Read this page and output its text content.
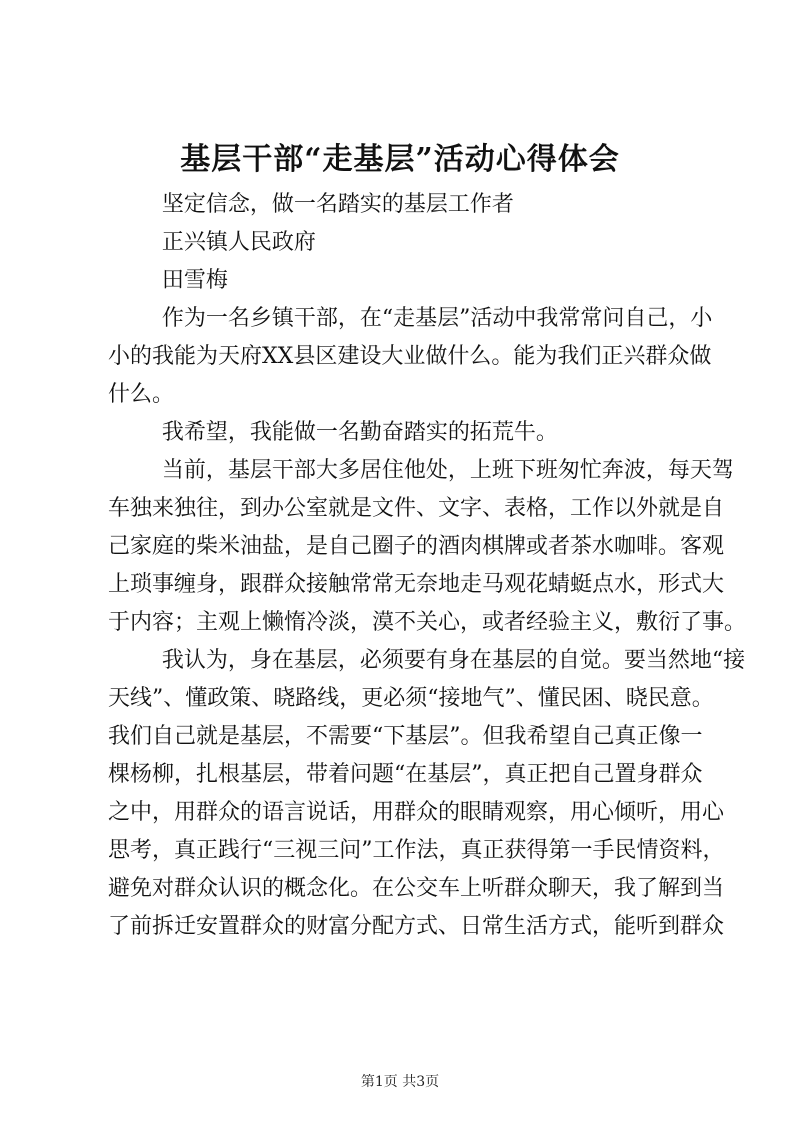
基层干部“走基层”活动心得体会

坚定信念，做一名踏实的基层工作者

正兴镇人民政府

田雪梅

作为一名乡镇干部，在“走基层”活动中我常常问自己，小
小的我能为天府XX县区建设大业做什么。能为我们正兴群众做
什么。
我希望，我能做一名勤奋踏实的拓荒牛。
当前，基层干部大多居住他处，上班下班匆忙奔波，每天驾
车独来独往，到办公室就是文件、文字、表格，工作以外就是自
己家庭的柴米油盐，是自己圈子的酒肉棋牌或者茶水咖啡。客观
上琐事缠身，跟群众接触常常无奈地走马观花蜻蜓点水，形式大
于内容；主观上懒惰冷淡，漠不关心，或者经验主义，敷衍了事。
我认为，身在基层，必须要有身在基层的自觉。要当然地“接
天线”、懂政策、晓路线，更必须“接地气”、懂民困、晓民意。
我们自己就是基层，不需要“下基层”。但我希望自己真正像一
棵杨柳，扎根基层，带着问题“在基层”，真正把自己置身群众
之中，用群众的语言说话，用群众的眼睛观察，用心倾听，用心
思考，真正践行“三视三问”工作法，真正获得第一手民情资料，
避免对群众认识的概念化。在公交车上听群众聊天，我了解到当
了前拆迁安置群众的财富分配方式、日常生活方式，能听到群众
第1页 共3页
